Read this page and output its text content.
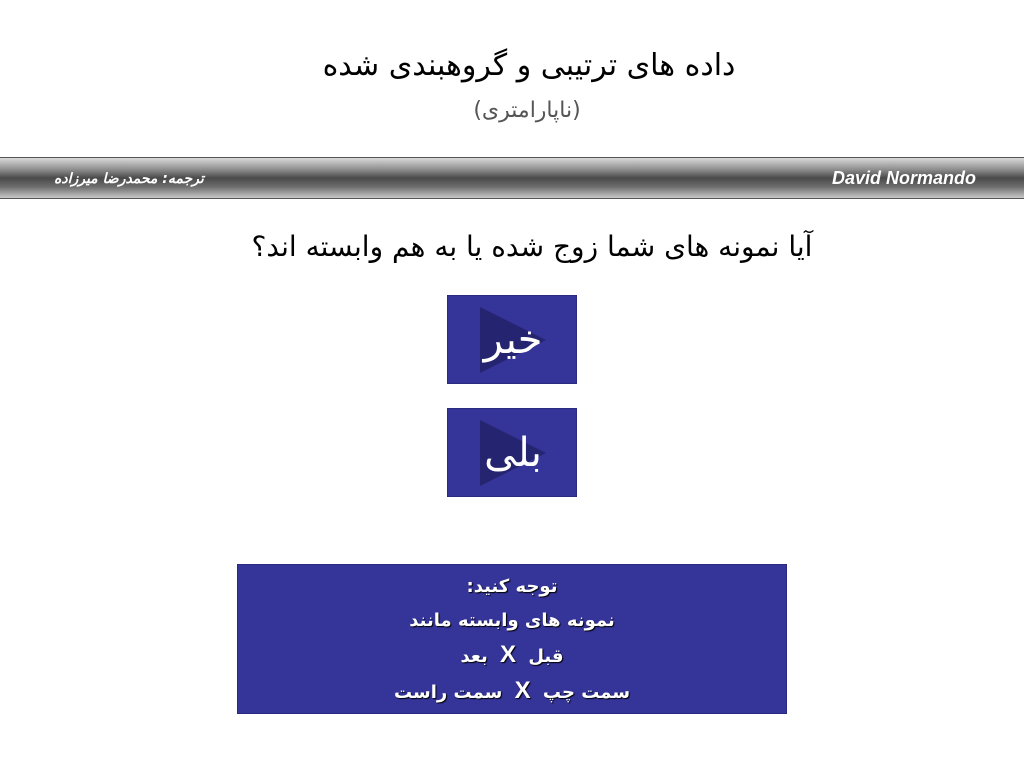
داده های ترتیبی و گروهبندی شده
(ناپارامتری)
ترجمه: محمدرضا میرزاده	David Normando
آیا نمونه های شما زوج شده یا به هم وابسته اند؟
خیر
بلی
توجه کنید:
نمونه های وابسته مانند
قبل X بعد
سمت چپ X سمت راست
